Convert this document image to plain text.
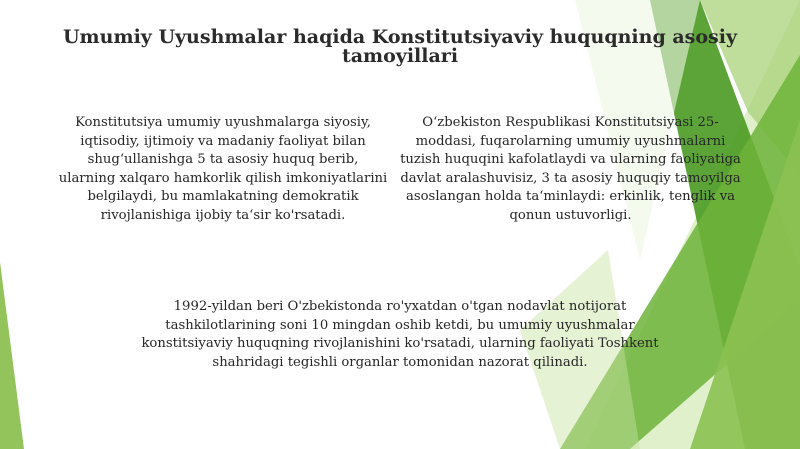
Umumiy Uyushmalar haqida Konstitutsiyaviy huquqning asosiy tamoyillari

Konstitutsiya umumiy uyushmalarga siyosiy, iqtisodiy, ijtimoiy va madaniy faoliyat bilan shug‘ullanishga 5 ta asosiy huquq berib, ularning xalqaro hamkorlik qilish imkoniyatlarini belgilaydi, bu mamlakatning demokratik rivojlanishiga ijobiy ta‘sir ko'rsatadi.

O‘zbekiston Respublikasi Konstitutsiyasi 25-moddasi, fuqarolarning umumiy uyushmalarni tuzish huquqini kafolatlaydi va ularning faoliyatiga davlat aralashuvisiz, 3 ta asosiy huquqiy tamoyilga asoslangan holda ta‘minlaydi: erkinlik, tenglik va qonun ustuvorligi.

1992-yildan beri O'zbekistonda ro'yxatdan o'tgan nodavlat notijorat tashkilotlarining soni 10 mingdan oshib ketdi, bu umumiy uyushmalar konstitsiyaviy huquqning rivojlanishini ko'rsatadi, ularning faoliyati Toshkent shahridagi tegishli organlar tomonidan nazorat qilinadi.
